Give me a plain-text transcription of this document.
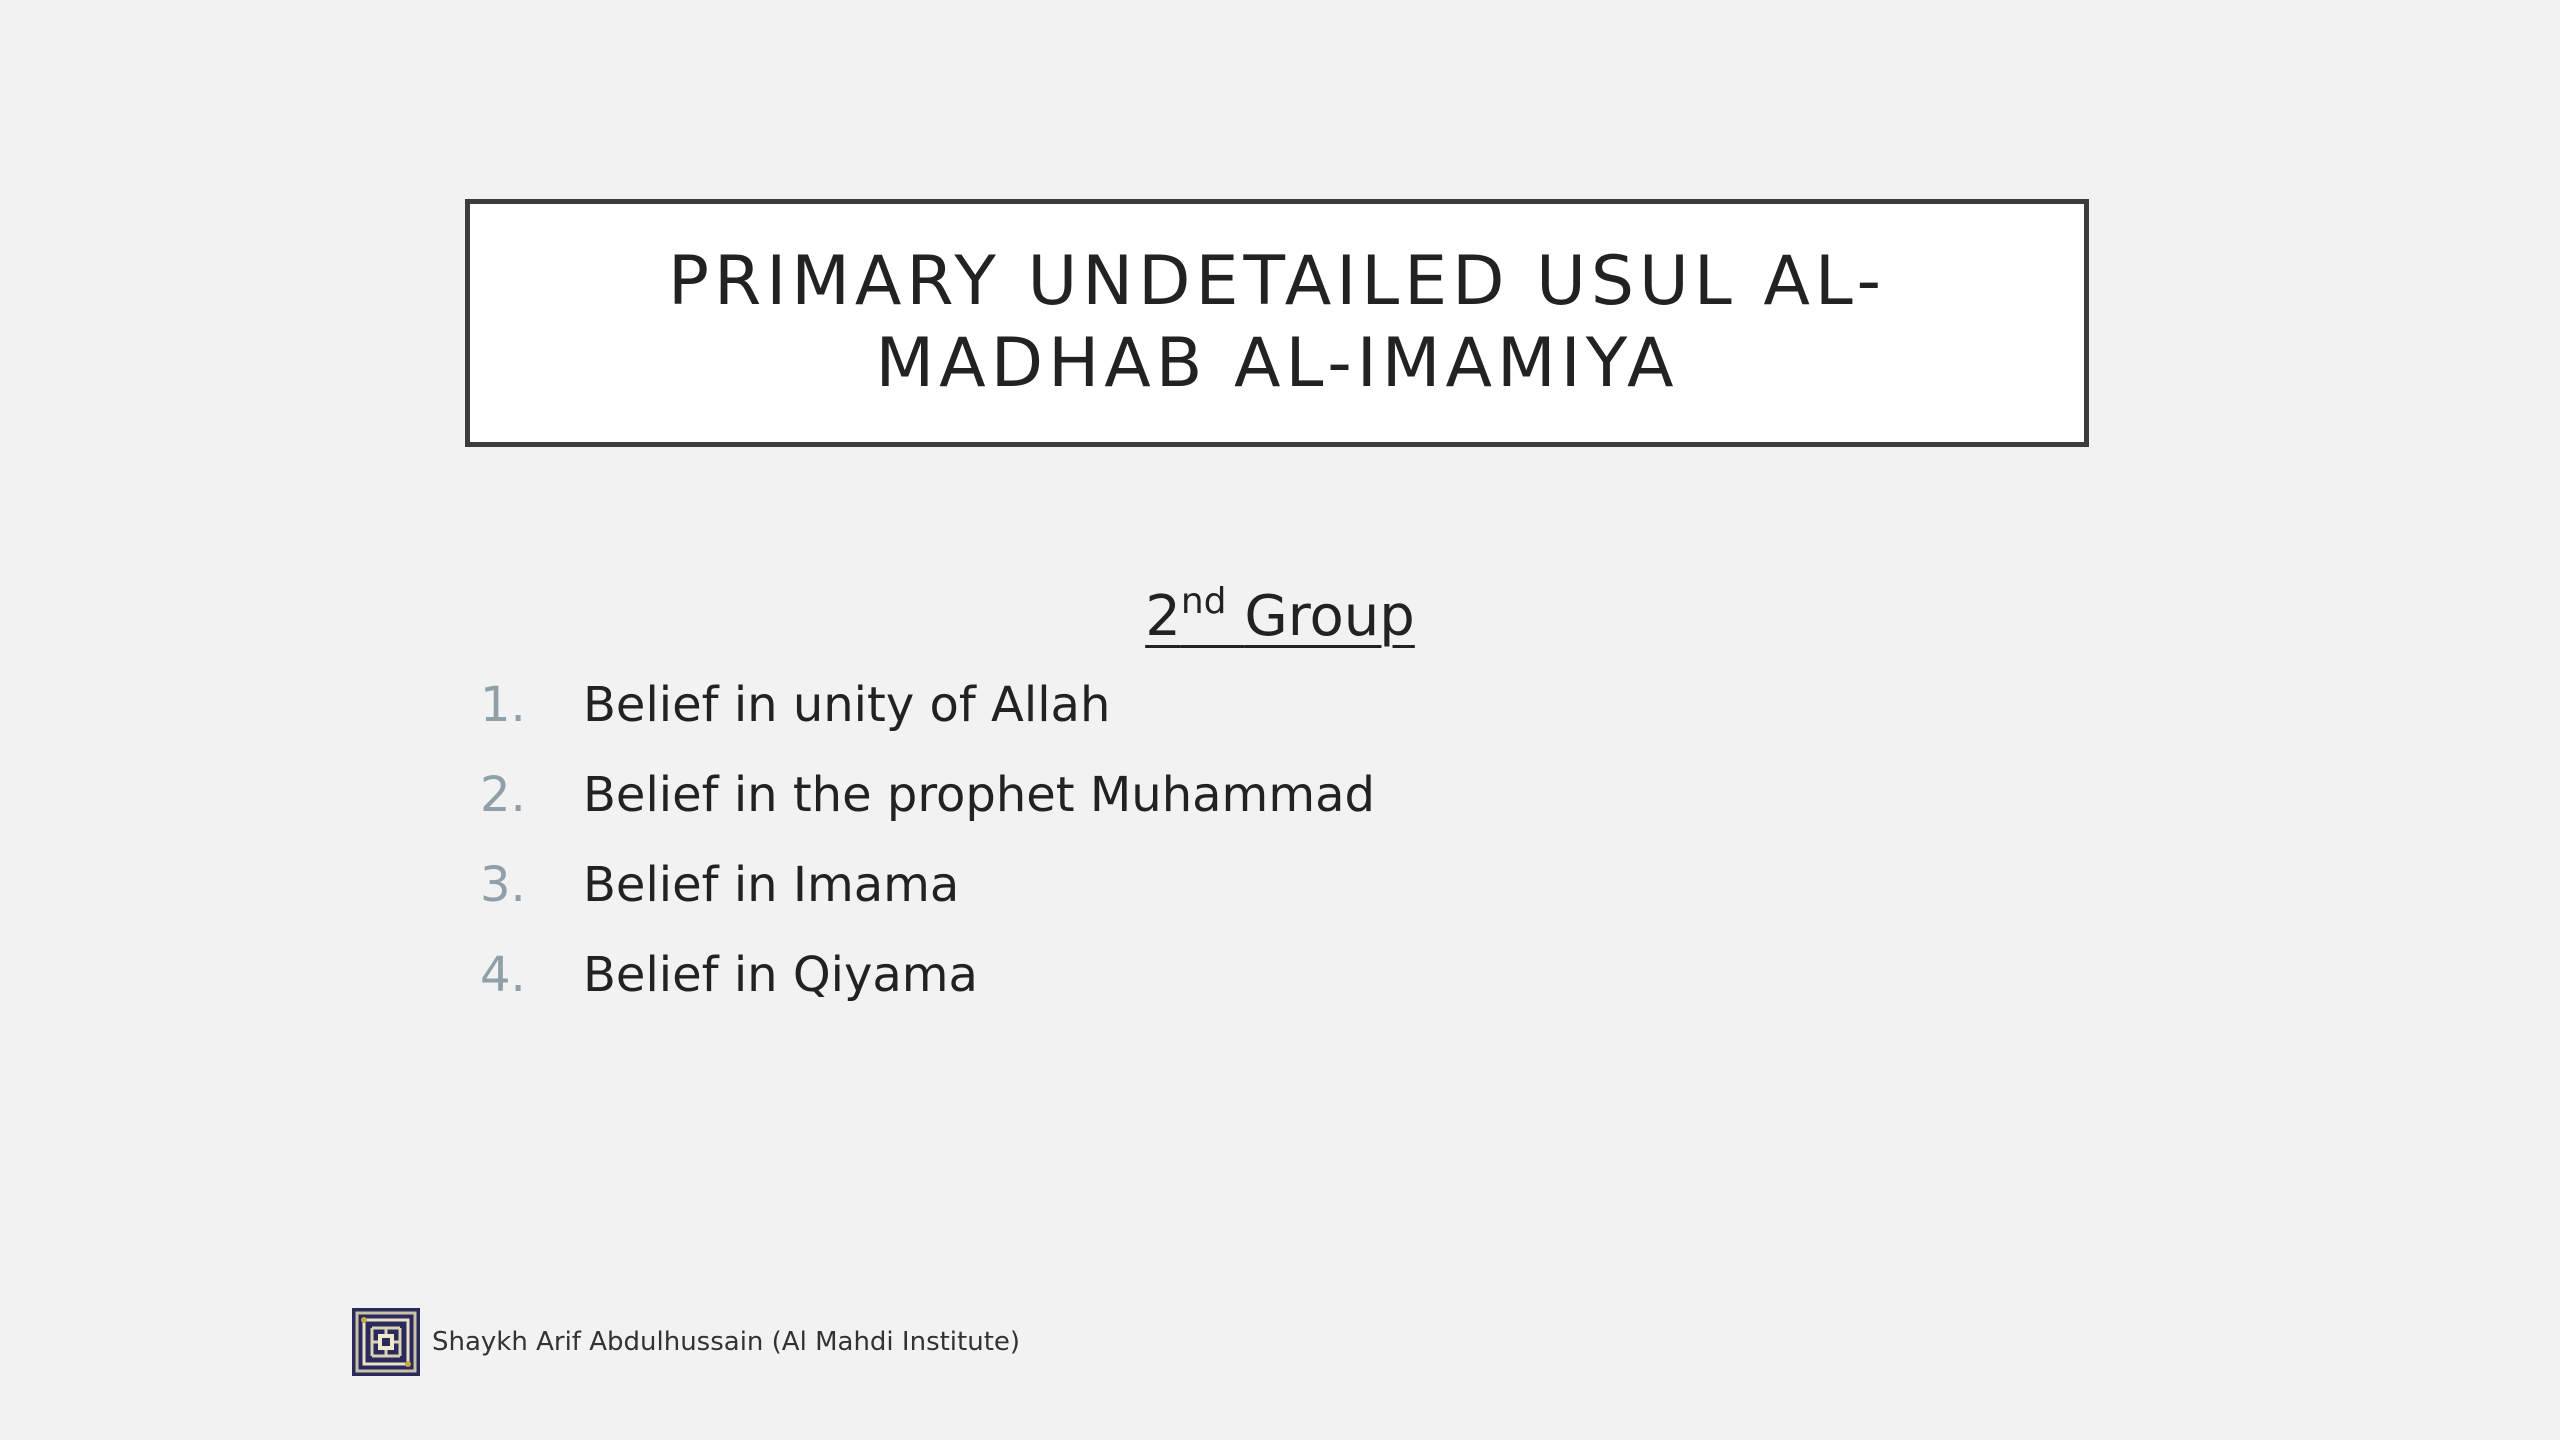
PRIMARY UNDETAILED USUL AL-MADHAB AL-IMAMIYA
2nd Group
1.	Belief in unity of Allah
2.	Belief in the prophet Muhammad
3.	Belief in Imama
4.	Belief in Qiyama
Shaykh Arif Abdulhussain (Al Mahdi Institute)
